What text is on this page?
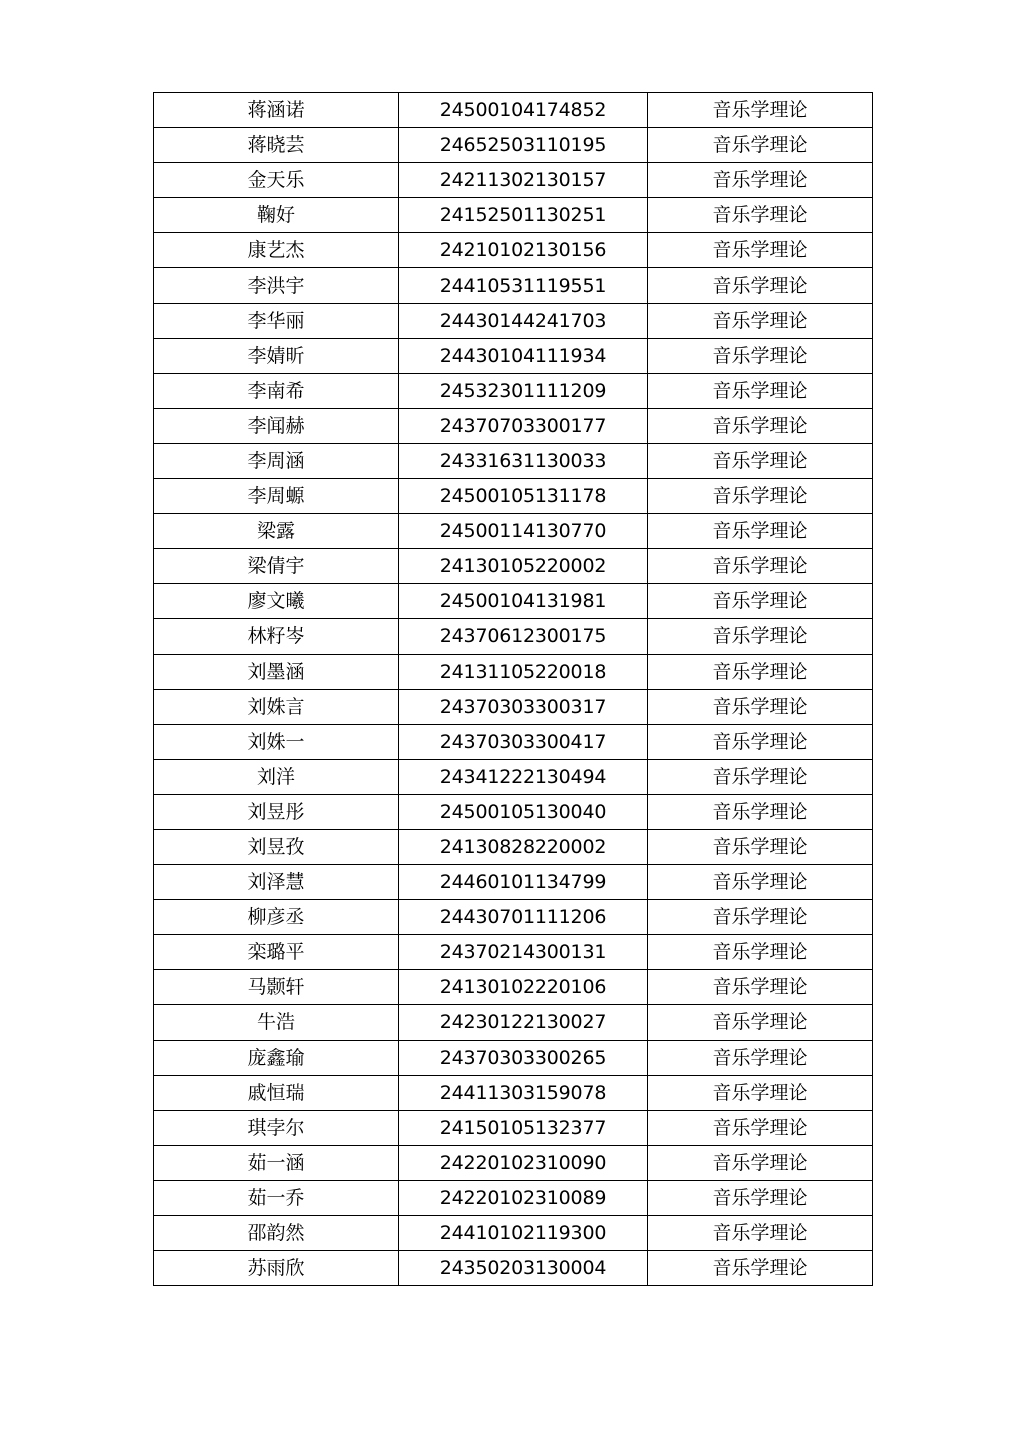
蒋涵诺	24500104174852	音乐学理论
蒋晓芸	24652503110195	音乐学理论
金天乐	24211302130157	音乐学理论
鞠好	24152501130251	音乐学理论
康艺杰	24210102130156	音乐学理论
李洪宇	24410531119551	音乐学理论
李华丽	24430144241703	音乐学理论
李婧昕	24430104111934	音乐学理论
李南希	24532301111209	音乐学理论
李闻赫	24370703300177	音乐学理论
李周涵	24331631130033	音乐学理论
李周螈	24500105131178	音乐学理论
梁露	24500114130770	音乐学理论
梁倩宇	24130105220002	音乐学理论
廖文曦	24500104131981	音乐学理论
林籽岑	24370612300175	音乐学理论
刘墨涵	24131105220018	音乐学理论
刘姝言	24370303300317	音乐学理论
刘姝一	24370303300417	音乐学理论
刘洋	24341222130494	音乐学理论
刘昱彤	24500105130040	音乐学理论
刘昱孜	24130828220002	音乐学理论
刘泽慧	24460101134799	音乐学理论
柳彦丞	24430701111206	音乐学理论
栾璐平	24370214300131	音乐学理论
马颢轩	24130102220106	音乐学理论
牛浩	24230122130027	音乐学理论
庞鑫瑜	24370303300265	音乐学理论
戚恒瑞	24411303159078	音乐学理论
琪孛尔	24150105132377	音乐学理论
茹一涵	24220102310090	音乐学理论
茹一乔	24220102310089	音乐学理论
邵韵然	24410102119300	音乐学理论
苏雨欣	24350203130004	音乐学理论
